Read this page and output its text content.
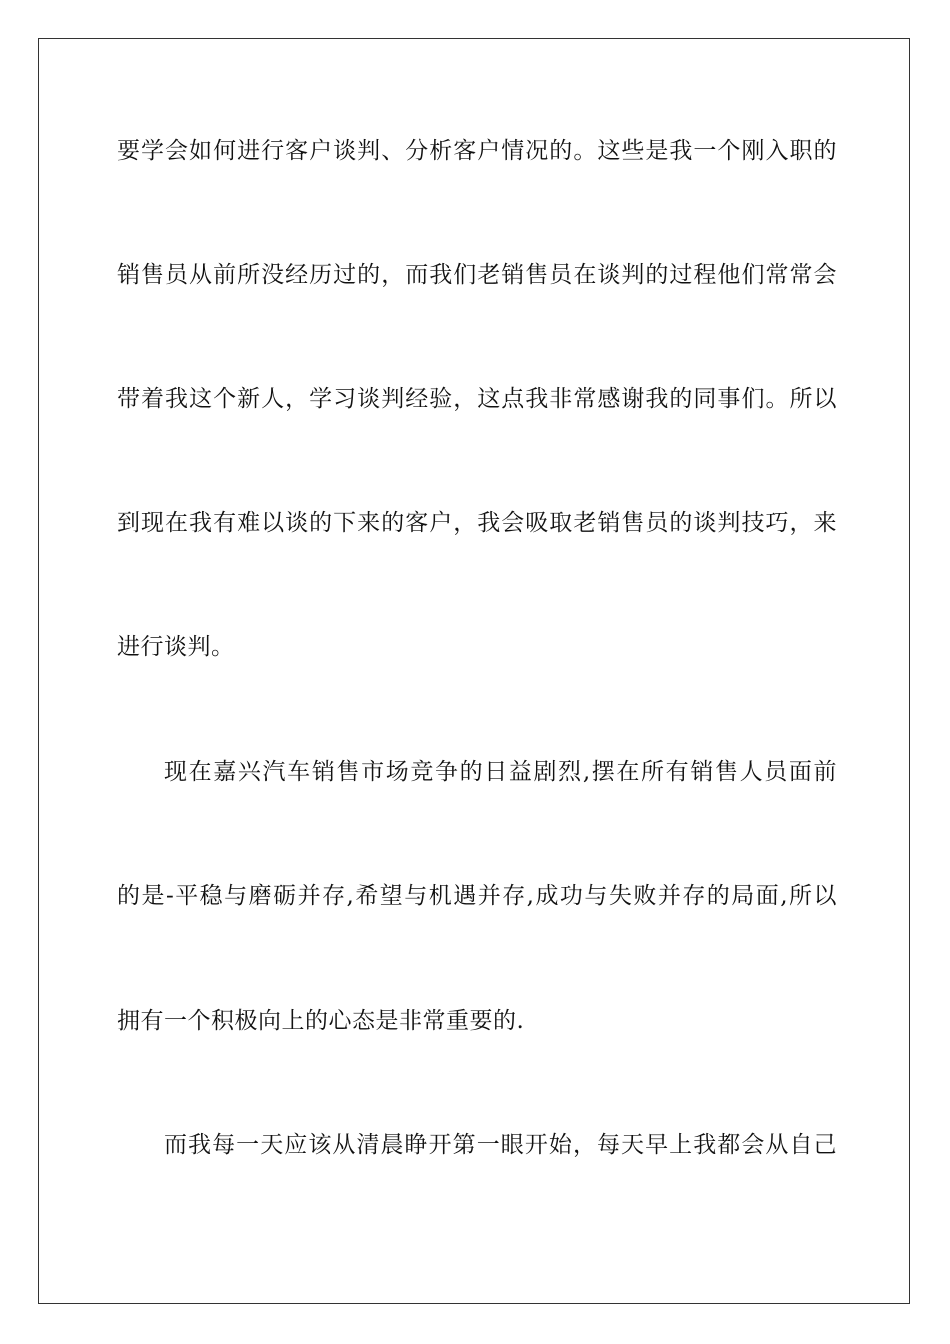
要学会如何进行客户谈判、分析客户情况的。这些是我一个刚入职的
销售员从前所没经历过的，而我们老销售员在谈判的过程他们常常会
带着我这个新人，学习谈判经验，这点我非常感谢我的同事们。所以
到现在我有难以谈的下来的客户，我会吸取老销售员的谈判技巧，来
进行谈判。
现在嘉兴汽车销售市场竞争的日益剧烈,摆在所有销售人员面前
的是-平稳与磨砺并存,希望与机遇并存,成功与失败并存的局面,所以
拥有一个积极向上的心态是非常重要的.
而我每一天应该从清晨睁开第一眼开始，每天早上我都会从自己
